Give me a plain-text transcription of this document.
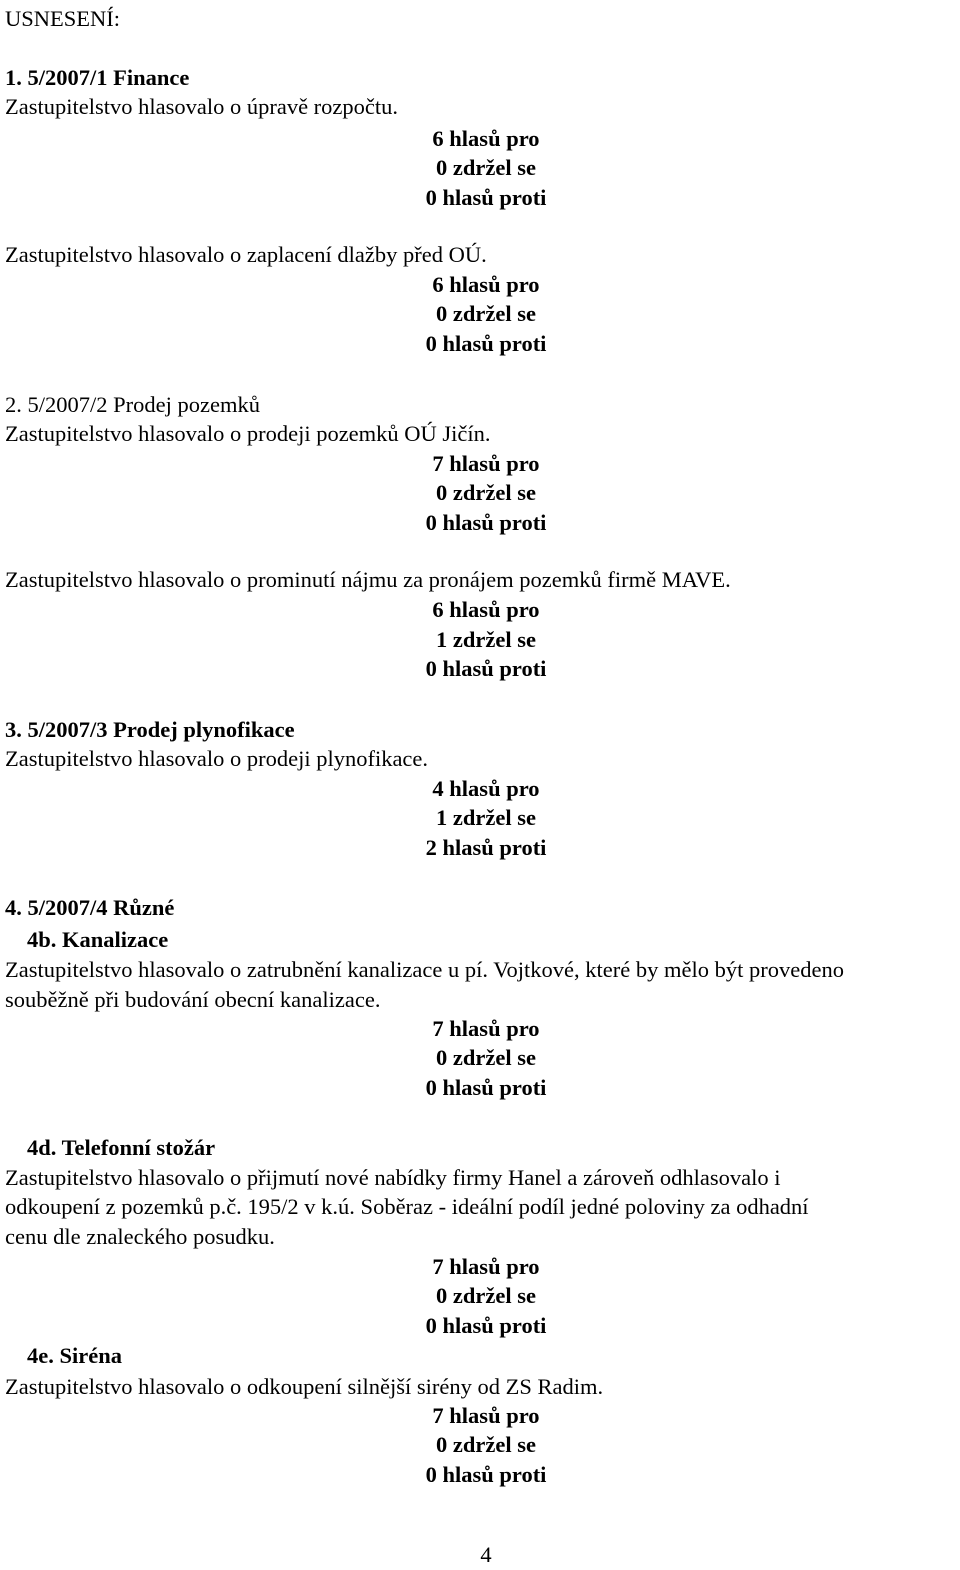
USNESENÍ:
1. 5/2007/1 Finance
Zastupitelstvo hlasovalo o úpravě rozpočtu.
6 hlasů pro
0 zdržel se
0 hlasů proti
Zastupitelstvo hlasovalo o zaplacení dlažby před OÚ.
6 hlasů pro
0 zdržel se
0 hlasů proti
2. 5/2007/2 Prodej pozemků
Zastupitelstvo hlasovalo o prodeji pozemků OÚ Jičín.
7 hlasů pro
0 zdržel se
0 hlasů proti
Zastupitelstvo hlasovalo o prominutí nájmu za pronájem pozemků firmě MAVE.
6 hlasů pro
1 zdržel se
0 hlasů proti
3. 5/2007/3 Prodej plynofikace
Zastupitelstvo hlasovalo o prodeji plynofikace.
4 hlasů pro
1 zdržel se
2 hlasů proti
4. 5/2007/4 Různé
4b. Kanalizace
Zastupitelstvo hlasovalo o zatrubnění kanalizace u pí. Vojtkové, které by mělo být provedeno
souběžně při budování obecní kanalizace.
7 hlasů pro
0 zdržel se
0 hlasů proti
4d. Telefonní stožár
Zastupitelstvo hlasovalo o přijmutí nové nabídky firmy Hanel a zároveň odhlasovalo i
odkoupení z pozemků p.č. 195/2 v k.ú. Soběraz - ideální podíl jedné poloviny za odhadní
cenu dle znaleckého posudku.
7 hlasů pro
0 zdržel se
0 hlasů proti
4e. Siréna
Zastupitelstvo hlasovalo o odkoupení silnější sirény od ZS Radim.
7 hlasů pro
0 zdržel se
0 hlasů proti
4
